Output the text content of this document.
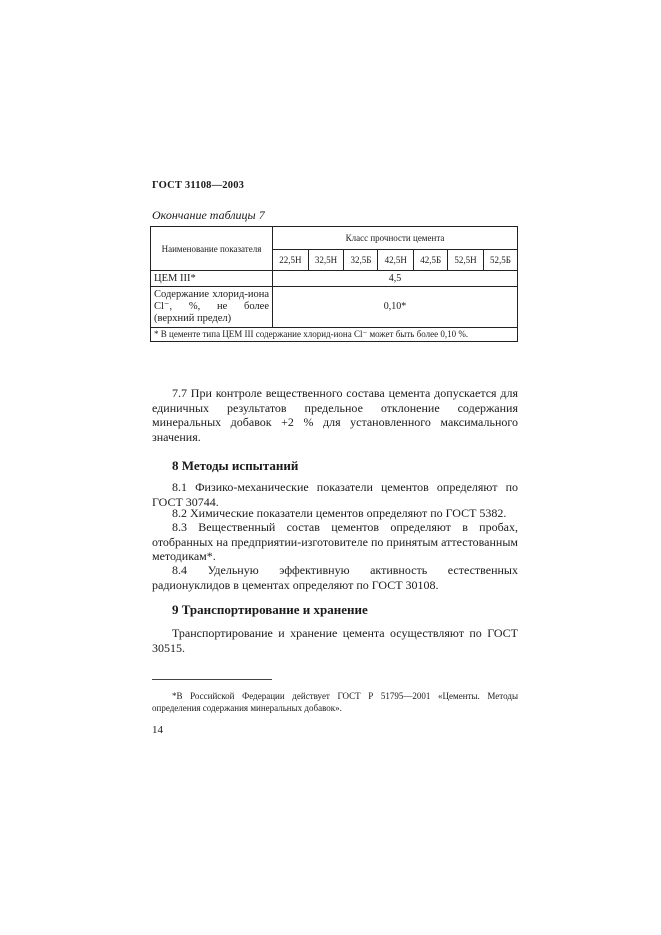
ГОСТ 31108—2003
Окончание таблицы 7
Наименование показателя	Класс прочности цемента						
	22,5Н	32,5Н	32,5Б	42,5Н	42,5Б	52,5Н	52,5Б
ЦЕМ III*	4,5						
Содержание хлорид-иона Cl⁻, %, не более (верхний предел)	0,10*						
* В цементе типа ЦЕМ III содержание хлорид-иона Cl⁻ может быть более 0,10 %.							
7.7 При контроле вещественного состава цемента допускается для единичных результатов предельное отклонение содержания минеральных добавок +2 % для установленного максимального значения.
8 Методы испытаний
8.1 Физико-механические показатели цементов определяют по ГОСТ 30744.
8.2 Химические показатели цементов определяют по ГОСТ 5382.
8.3 Вещественный состав цементов определяют в пробах, отобранных на предприятии-изготовителе по принятым аттестованным методикам*.
8.4 Удельную эффективную активность естественных радионуклидов в цементах определяют по ГОСТ 30108.
9 Транспортирование и хранение
Транспортирование и хранение цемента осуществляют по ГОСТ 30515.
*В Российской Федерации действует ГОСТ Р 51795—2001 «Цементы. Методы определения содержания минеральных добавок».
14
